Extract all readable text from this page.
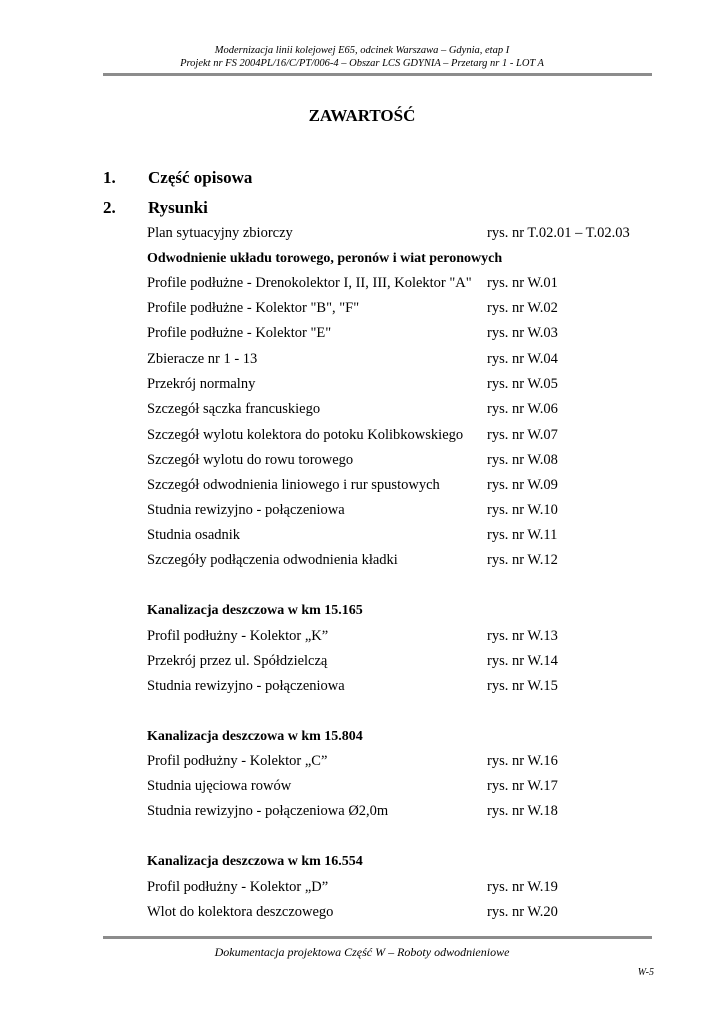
Modernizacja linii kolejowej E65, odcinek Warszawa – Gdynia, etap I
Projekt nr FS 2004PL/16/C/PT/006-4 – Obszar LCS GDYNIA – Przetarg nr 1 - LOT A
ZAWARTOŚĆ
1. Część opisowa
2. Rysunki
Plan sytuacyjny zbiorczy	rys. nr T.02.01 – T.02.03
Odwodnienie układu torowego, peronów i wiat peronowych
Profile podłużne - Drenokolektor I, II, III, Kolektor "A" rys. nr W.01
Profile podłużne - Kolektor "B", "F"	rys. nr W.02
Profile podłużne - Kolektor "E"	rys. nr W.03
Zbieracze nr 1 - 13	rys. nr W.04
Przekrój normalny	rys. nr W.05
Szczegół sączka francuskiego	rys. nr W.06
Szczegół wylotu kolektora do potoku Kolibkowskiego rys. nr W.07
Szczegół wylotu do rowu torowego	rys. nr W.08
Szczegół odwodnienia liniowego i rur spustowych	rys. nr W.09
Studnia rewizyjno - połączeniowa	rys. nr W.10
Studnia osadnik	rys. nr W.11
Szczegóły podłączenia odwodnienia kładki	rys. nr W.12
Kanalizacja deszczowa w km 15.165
Profil podłużny - Kolektor „K”	rys. nr W.13
Przekrój przez ul. Spółdzielczą	rys. nr W.14
Studnia rewizyjno - połączeniowa	rys. nr W.15
Kanalizacja deszczowa w km 15.804
Profil podłużny - Kolektor „C”	rys. nr W.16
Studnia ujęciowa rowów	rys. nr W.17
Studnia rewizyjno - połączeniowa Ø2,0m	rys. nr W.18
Kanalizacja deszczowa w km 16.554
Profil podłużny - Kolektor „D”	rys. nr W.19
Wlot do kolektora deszczowego	rys. nr W.20
Dokumentacja projektowa Część W – Roboty odwodnieniowe
W-5
